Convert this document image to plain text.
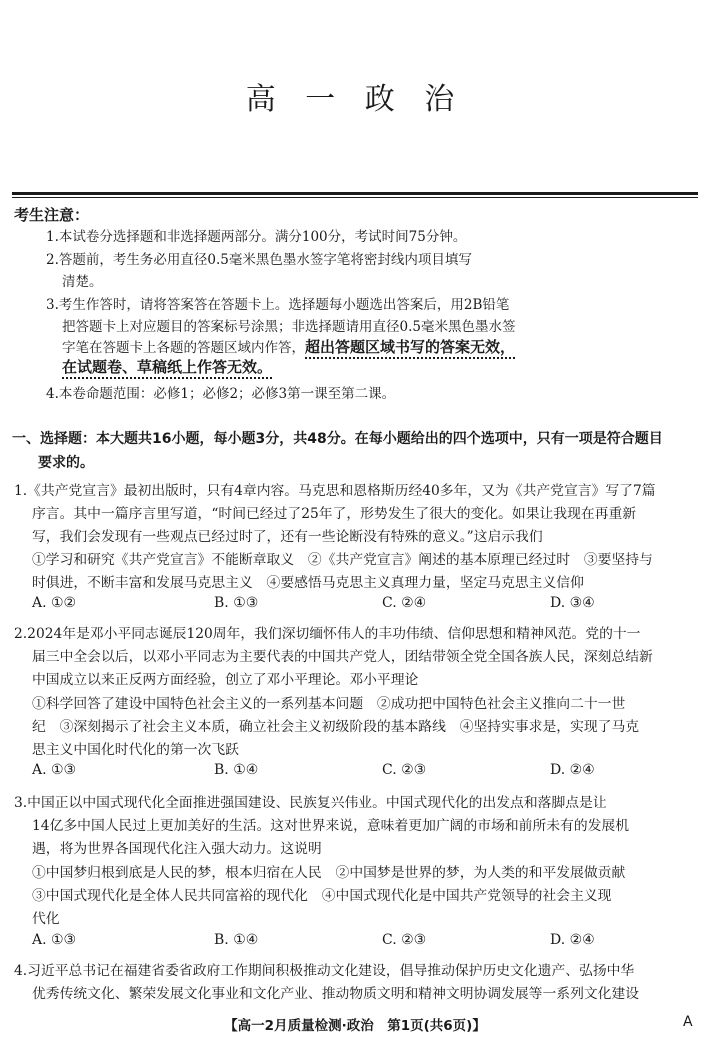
高 一 政 治
考生注意：
1.本试卷分选择题和非选择题两部分。满分100分，考试时间75分钟。
2.答题前，考生务必用直径0.5毫米黑色墨水签字笔将密封线内项目填写
清楚。
3.考生作答时，请将答案答在答题卡上。选择题每小题选出答案后，用2B铅笔
把答题卡上对应题目的答案标号涂黑；非选择题请用直径0.5毫米黑色墨水签
字笔在答题卡上各题的答题区域内作答，超出答题区域书写的答案无效，
在试题卷、草稿纸上作答无效。
4.本卷命题范围：必修1；必修2；必修3第一课至第二课。
一、选择题：本大题共16小题，每小题3分，共48分。在每小题给出的四个选项中，只有一项是符合题目
要求的。
1.《共产党宣言》最初出版时，只有4章内容。马克思和恩格斯历经40多年，又为《共产党宣言》写了7篇
序言。其中一篇序言里写道，“时间已经过了25年了，形势发生了很大的变化。如果让我现在再重新
写，我们会发现有一些观点已经过时了，还有一些论断没有特殊的意义。”这启示我们
①学习和研究《共产党宣言》不能断章取义　②《共产党宣言》阐述的基本原理已经过时　③要坚持与
时俱进，不断丰富和发展马克思主义　④要感悟马克思主义真理力量，坚定马克思主义信仰
A. ①②	B. ①③	C. ②④	D. ③④
2.2024年是邓小平同志诞辰120周年，我们深切缅怀伟人的丰功伟绩、信仰思想和精神风范。党的十一
届三中全会以后，以邓小平同志为主要代表的中国共产党人，团结带领全党全国各族人民，深刻总结新
中国成立以来正反两方面经验，创立了邓小平理论。邓小平理论
①科学回答了建设中国特色社会主义的一系列基本问题　②成功把中国特色社会主义推向二十一世
纪　③深刻揭示了社会主义本质，确立社会主义初级阶段的基本路线　④坚持实事求是，实现了马克
思主义中国化时代化的第一次飞跃
A. ①③	B. ①④	C. ②③	D. ②④
3.中国正以中国式现代化全面推进强国建设、民族复兴伟业。中国式现代化的出发点和落脚点是让
14亿多中国人民过上更加美好的生活。这对世界来说，意味着更加广阔的市场和前所未有的发展机
遇，将为世界各国现代化注入强大动力。这说明
①中国梦归根到底是人民的梦，根本归宿在人民　②中国梦是世界的梦，为人类的和平发展做贡献
③中国式现代化是全体人民共同富裕的现代化　④中国式现代化是中国共产党领导的社会主义现
代化
A. ①③	B. ①④	C. ②③	D. ②④
4.习近平总书记在福建省委省政府工作期间积极推动文化建设，倡导推动保护历史文化遗产、弘扬中华
优秀传统文化、繁荣发展文化事业和文化产业、推动物质文明和精神文明协调发展等一系列文化建设
【高一2月质量检测·政治　第1页(共6页)】	A
